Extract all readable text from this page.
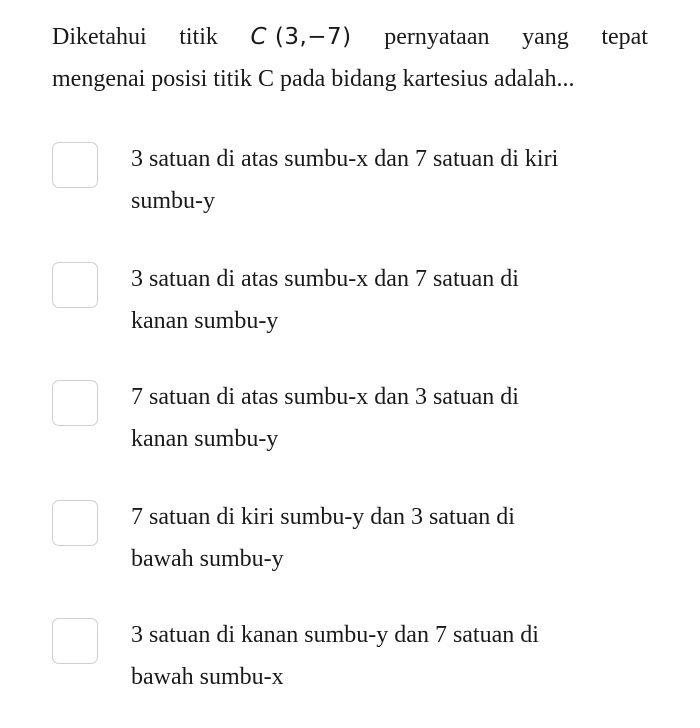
Diketahui titik C (3,−7) pernyataan yang tepat
mengenai posisi titik C pada bidang kartesius adalah...
3 satuan di atas sumbu-x dan 7 satuan di kiri
sumbu-y
3 satuan di atas sumbu-x dan 7 satuan di
kanan sumbu-y
7 satuan di atas sumbu-x dan 3 satuan di
kanan sumbu-y
7 satuan di kiri sumbu-y dan 3 satuan di
bawah sumbu-y
3 satuan di kanan sumbu-y dan 7 satuan di
bawah sumbu-x
